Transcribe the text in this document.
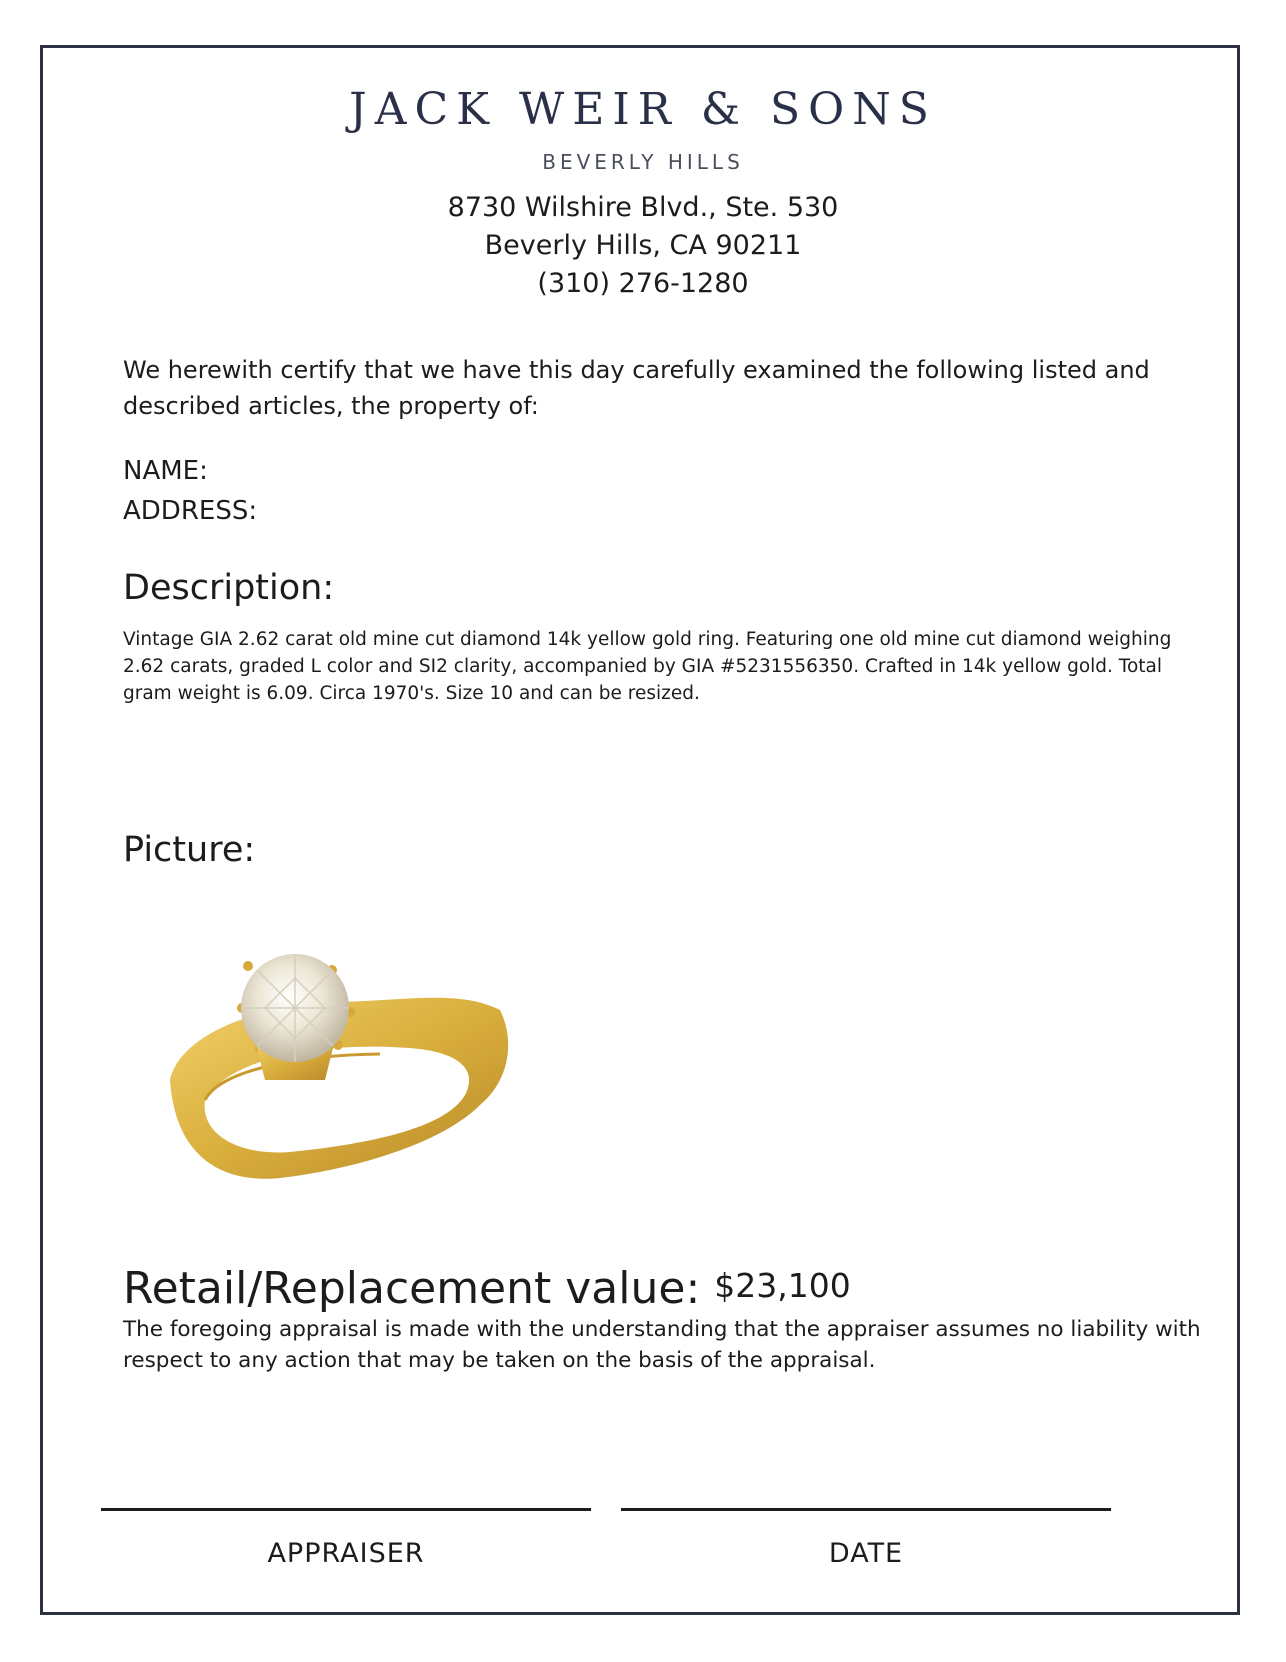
JACK WEIR & SONS
BEVERLY HILLS
8730 Wilshire Blvd., Ste. 530
Beverly Hills, CA 90211
(310) 276-1280
We herewith certify that we have this day carefully examined the following listed and described articles, the property of:
NAME:
ADDRESS:
Description:
Vintage GIA 2.62 carat old mine cut diamond 14k yellow gold ring. Featuring one old mine cut diamond weighing 2.62 carats, graded L color and SI2 clarity, accompanied by GIA #5231556350. Crafted in 14k yellow gold. Total gram weight is 6.09. Circa 1970's. Size 10 and can be resized.
Picture:
Retail/Replacement value: $23,100
The foregoing appraisal is made with the understanding that the appraiser assumes no liability with respect to any action that may be taken on the basis of the appraisal.
APPRAISER	DATE
